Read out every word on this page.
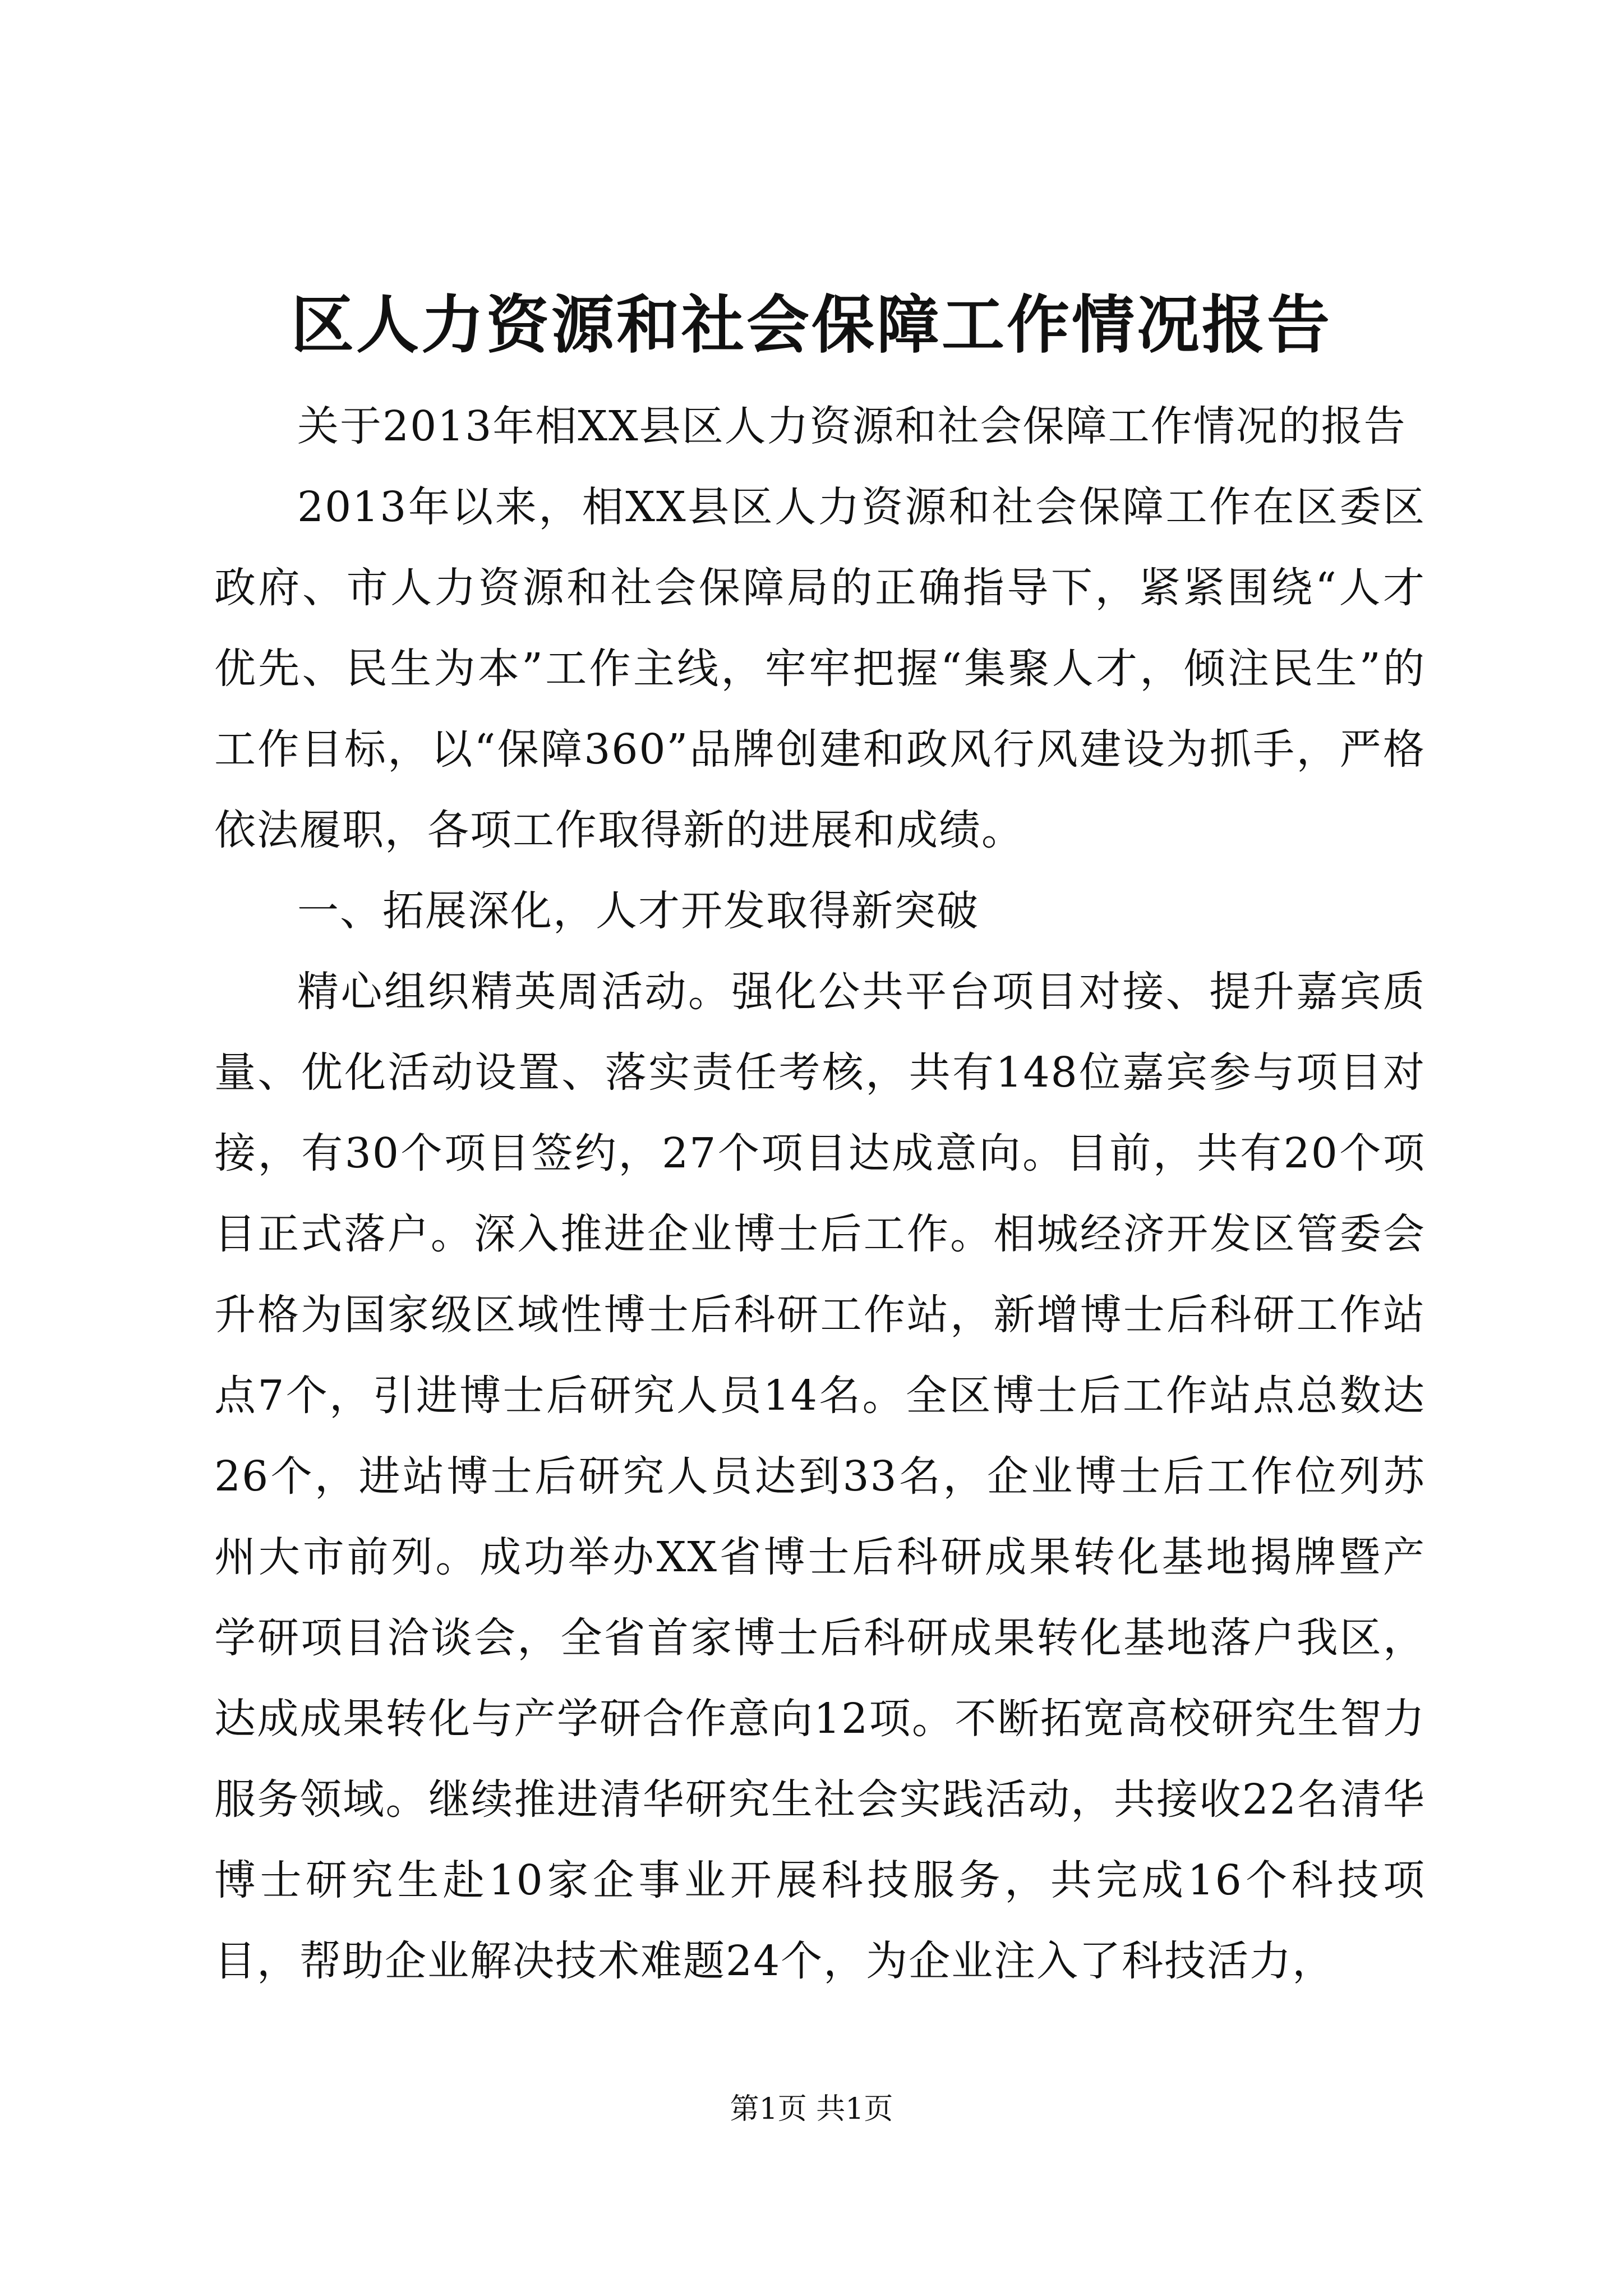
区人力资源和社会保障工作情况报告

关于2013年相XX县区人力资源和社会保障工作情况的报告

2013年以来，相XX县区人力资源和社会保障工作在区委区政府、市人力资源和社会保障局的正确指导下，紧紧围绕“人才优先、民生为本”工作主线，牢牢把握“集聚人才，倾注民生”的工作目标，以“保障360”品牌创建和政风行风建设为抓手，严格依法履职，各项工作取得新的进展和成绩。

一、拓展深化，人才开发取得新突破

精心组织精英周活动。强化公共平台项目对接、提升嘉宾质量、优化活动设置、落实责任考核，共有148位嘉宾参与项目对接，有30个项目签约，27个项目达成意向。目前，共有20个项目正式落户。深入推进企业博士后工作。相城经济开发区管委会升格为国家级区域性博士后科研工作站，新增博士后科研工作站点7个，引进博士后研究人员14名。全区博士后工作站点总数达26个，进站博士后研究人员达到33名，企业博士后工作位列苏州大市前列。成功举办XX省博士后科研成果转化基地揭牌暨产学研项目洽谈会，全省首家博士后科研成果转化基地落户我区，达成成果转化与产学研合作意向12项。不断拓宽高校研究生智力服务领域。继续推进清华研究生社会实践活动，共接收22名清华博士研究生赴10家企事业开展科技服务，共完成16个科技项目，帮助企业解决技术难题24个，为企业注入了科技活力，

第1页 共1页
